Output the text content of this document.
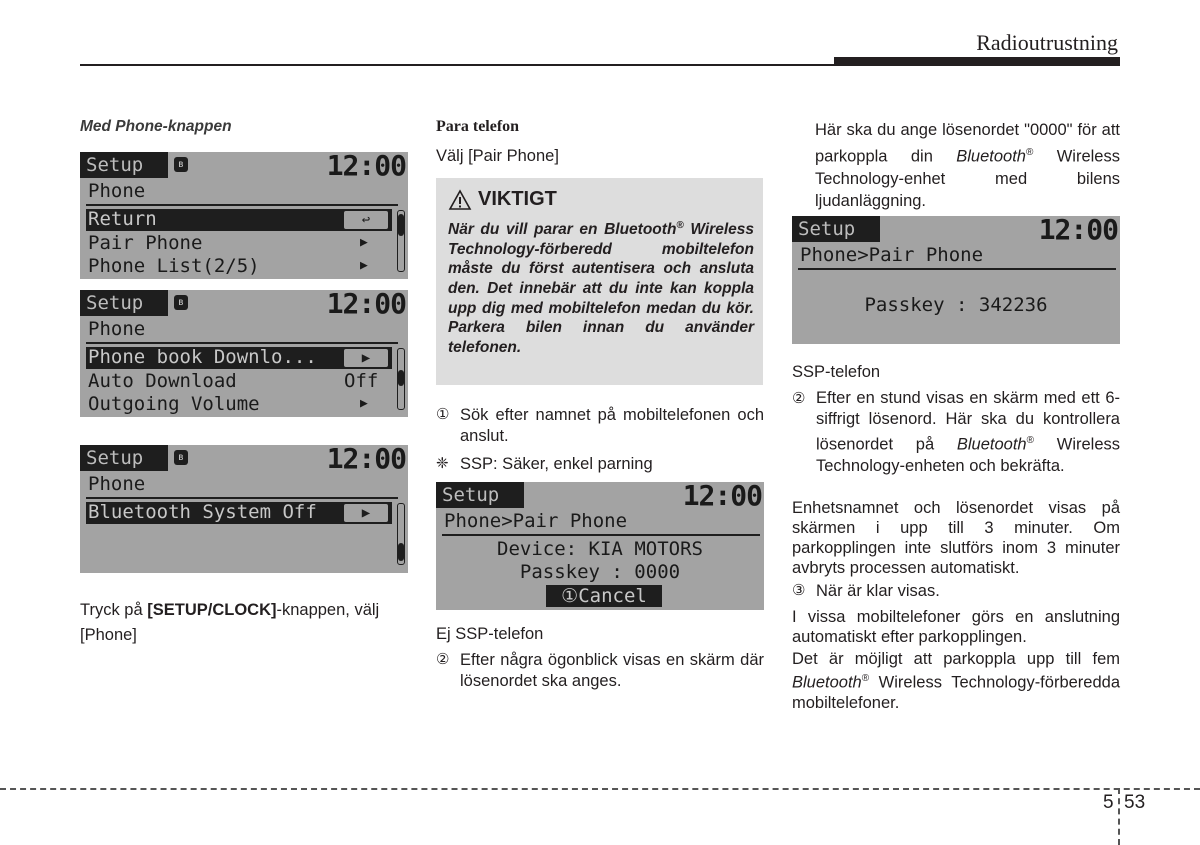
Radioutrustning
Med Phone-knappen
Setup	ʙ	12:00
Phone
Return	↩
Pair Phone	▶
Phone List(2/5)	▶
Setup	ʙ	12:00
Phone
Phone book Downlo...	▶
Auto Download	Off
Outgoing Volume	▶
Setup	ʙ	12:00
Phone
Bluetooth System Off	▶
Tryck på [SETUP/CLOCK]-knappen, välj [Phone]
Para telefon
Välj [Pair Phone]
VIKTIGT
När du vill parar en Bluetooth® Wireless Technology-förberedd mobiltelefon måste du först autentisera och ansluta den. Det innebär att du inte kan koppla upp dig med mobiltelefon medan du kör. Parkera bilen innan du använder telefonen.
① Sök efter namnet på mobiltelefonen och anslut.
❈ SSP: Säker, enkel parning
Setup	12:00
Phone>Pair Phone
Device: KIA MOTORS
Passkey : 0000
①Cancel
Ej SSP-telefon
② Efter några ögonblick visas en skärm där lösenordet ska anges.
Här ska du ange lösenordet "0000" för att parkoppla din Bluetooth® Wireless Technology-enhet med bilens ljudanläggning.
Setup	12:00
Phone>Pair Phone
Passkey : 342236
SSP-telefon
② Efter en stund visas en skärm med ett 6-siffrigt lösenord. Här ska du kontrollera lösenordet på Bluetooth® Wireless Technology-enheten och bekräfta.
Enhetsnamnet och lösenordet visas på skärmen i upp till 3 minuter. Om parkopplingen inte slutförs inom 3 minuter avbryts processen automatiskt.
③ När är klar visas.
I vissa mobiltelefoner görs en anslutning automatiskt efter parkopplingen.
Det är möjligt att parkoppla upp till fem Bluetooth® Wireless Technology-förberedda mobiltelefoner.
5 53
